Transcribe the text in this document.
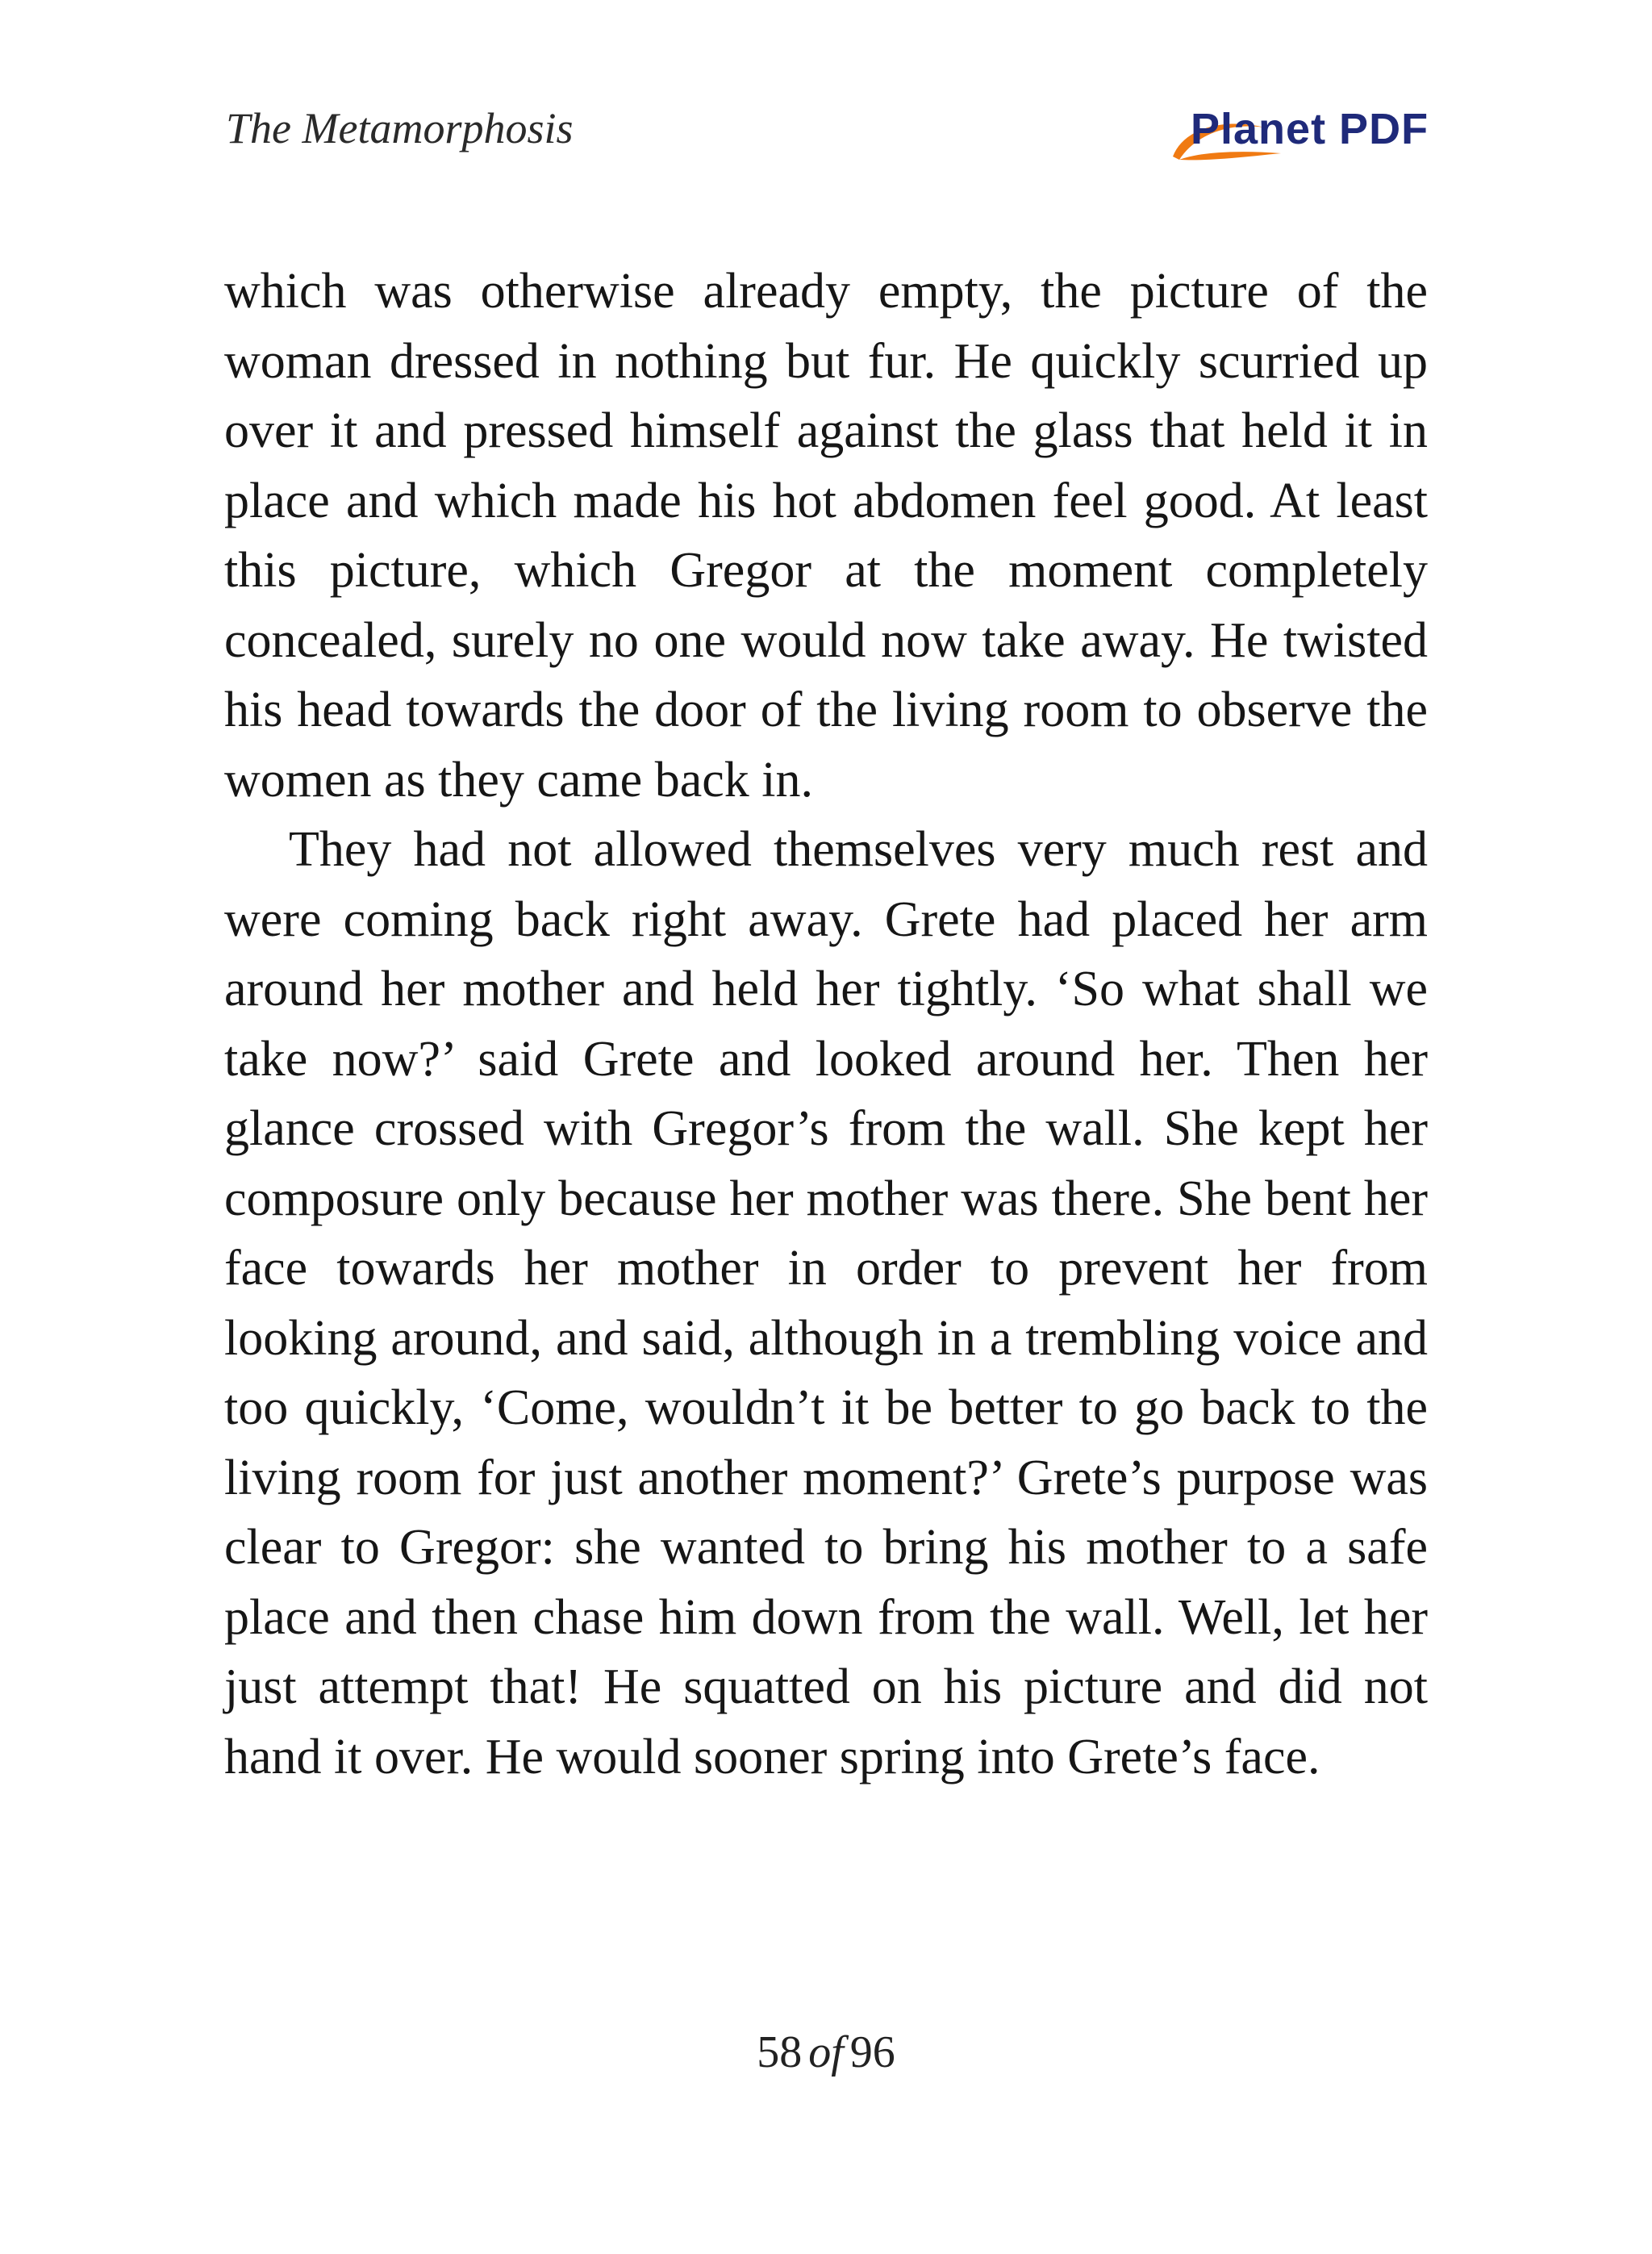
The Metamorphosis	Planet PDF

which was otherwise already empty, the picture of the woman dressed in nothing but fur. He quickly scurried up over it and pressed himself against the glass that held it in place and which made his hot abdomen feel good. At least this picture, which Gregor at the moment completely concealed, surely no one would now take away. He twisted his head towards the door of the living room to observe the women as they came back in.

They had not allowed themselves very much rest and were coming back right away. Grete had placed her arm around her mother and held her tightly. ‘So what shall we take now?’ said Grete and looked around her. Then her glance crossed with Gregor’s from the wall. She kept her composure only because her mother was there. She bent her face towards her mother in order to prevent her from looking around, and said, although in a trembling voice and too quickly, ‘Come, wouldn’t it be better to go back to the living room for just another moment?’ Grete’s purpose was clear to Gregor: she wanted to bring his mother to a safe place and then chase him down from the wall. Well, let her just attempt that! He squatted on his picture and did not hand it over. He would sooner spring into Grete’s face.

58 of 96
